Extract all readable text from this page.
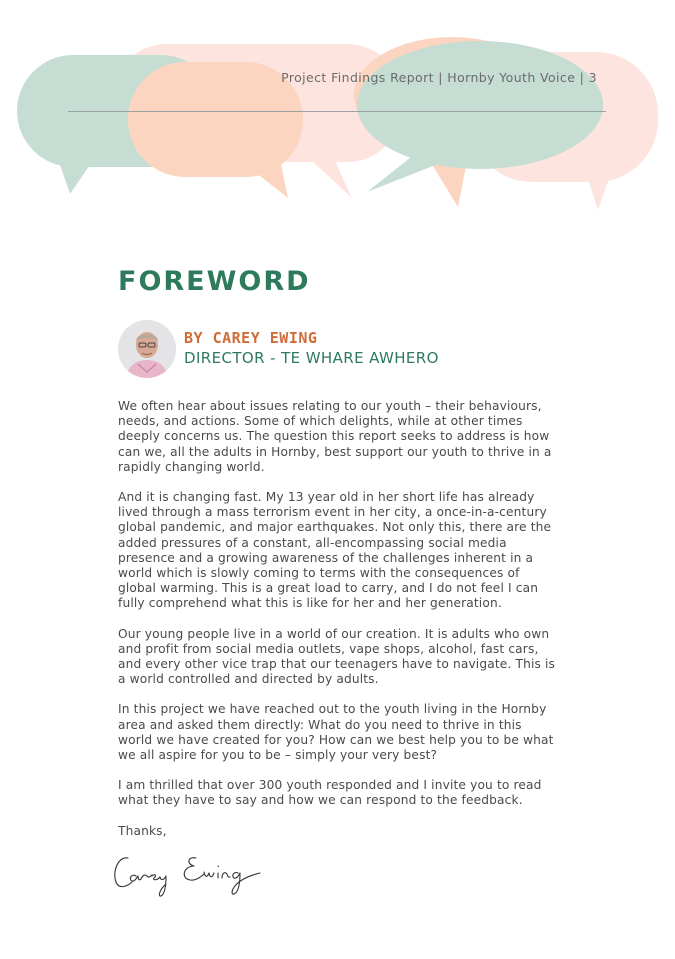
Project Findings Report | Hornby Youth Voice | 3
FOREWORD
BY CAREY EWING
DIRECTOR - TE WHARE AWHERO

We often hear about issues relating to our youth – their behaviours, needs, and actions. Some of which delights, while at other times deeply concerns us. The question this report seeks to address is how can we, all the adults in Hornby, best support our youth to thrive in a rapidly changing world.

And it is changing fast. My 13 year old in her short life has already lived through a mass terrorism event in her city, a once-in-a-century global pandemic, and major earthquakes. Not only this, there are the added pressures of a constant, all-encompassing social media presence and a growing awareness of the challenges inherent in a world which is slowly coming to terms with the consequences of global warming. This is a great load to carry, and I do not feel I can fully comprehend what this is like for her and her generation.

Our young people live in a world of our creation. It is adults who own and profit from social media outlets, vape shops, alcohol, fast cars, and every other vice trap that our teenagers have to navigate. This is a world controlled and directed by adults.

In this project we have reached out to the youth living in the Hornby area and asked them directly: What do you need to thrive in this world we have created for you? How can we best help you to be what we all aspire for you to be – simply your very best?

I am thrilled that over 300 youth responded and I invite you to read what they have to say and how we can respond to the feedback.

Thanks,
